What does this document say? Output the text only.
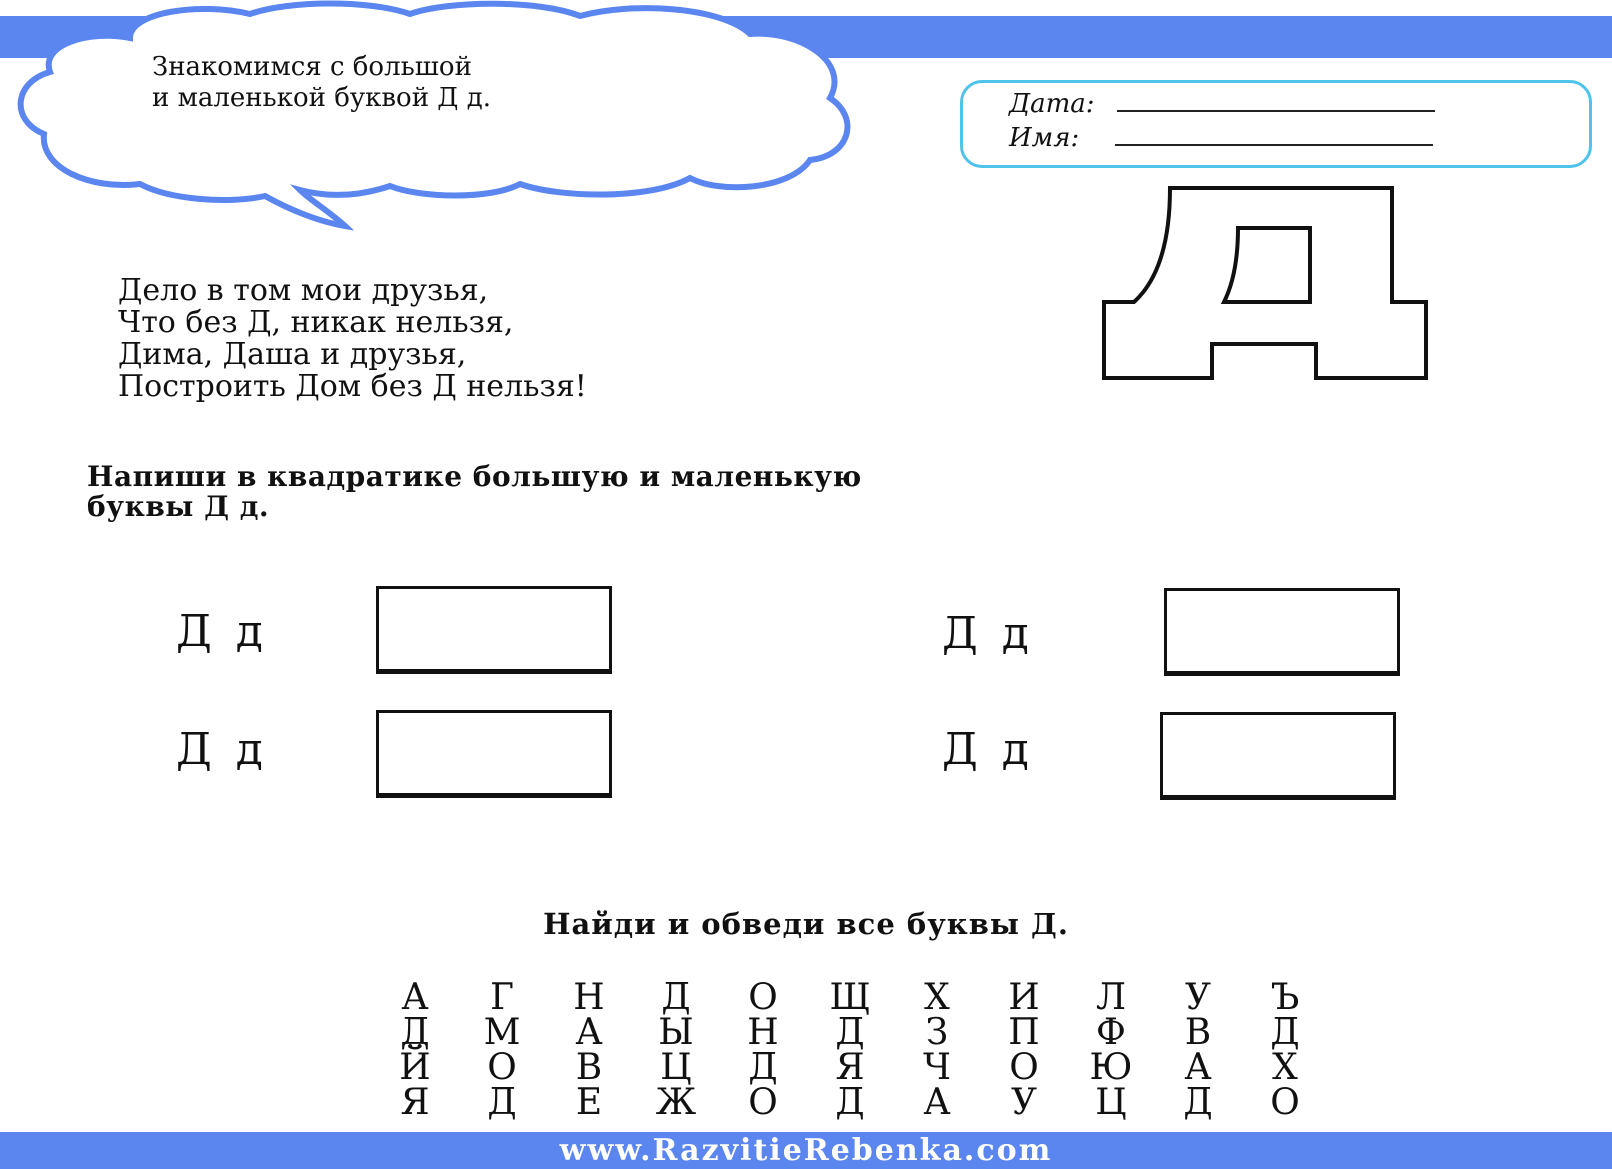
Знакомимся с большой
и маленькой буквой Д д.	Дата:
Имя:
Дело в том мои друзья,
Что без Д, никак нельзя,
Дима, Даша и друзья,
Построить Дом без Д нельзя!
Напиши в квадратике большую и маленькую
буквы Д д.
Д д	Д д
Д д	Д д
Найди и обведи все буквы Д.
А	Г	Н	Д	О	Щ	Х	И	Л	У	Ъ
Д	М	А	Ы	Н	Д	З	П	Ф	В	Д
Й	О	В	Ц	Д	Я	Ч	О	Ю	А	Х
Я	Д	Е	Ж	О	Д	А	У	Ц	Д	О
www.RazvitieRebenka.com
